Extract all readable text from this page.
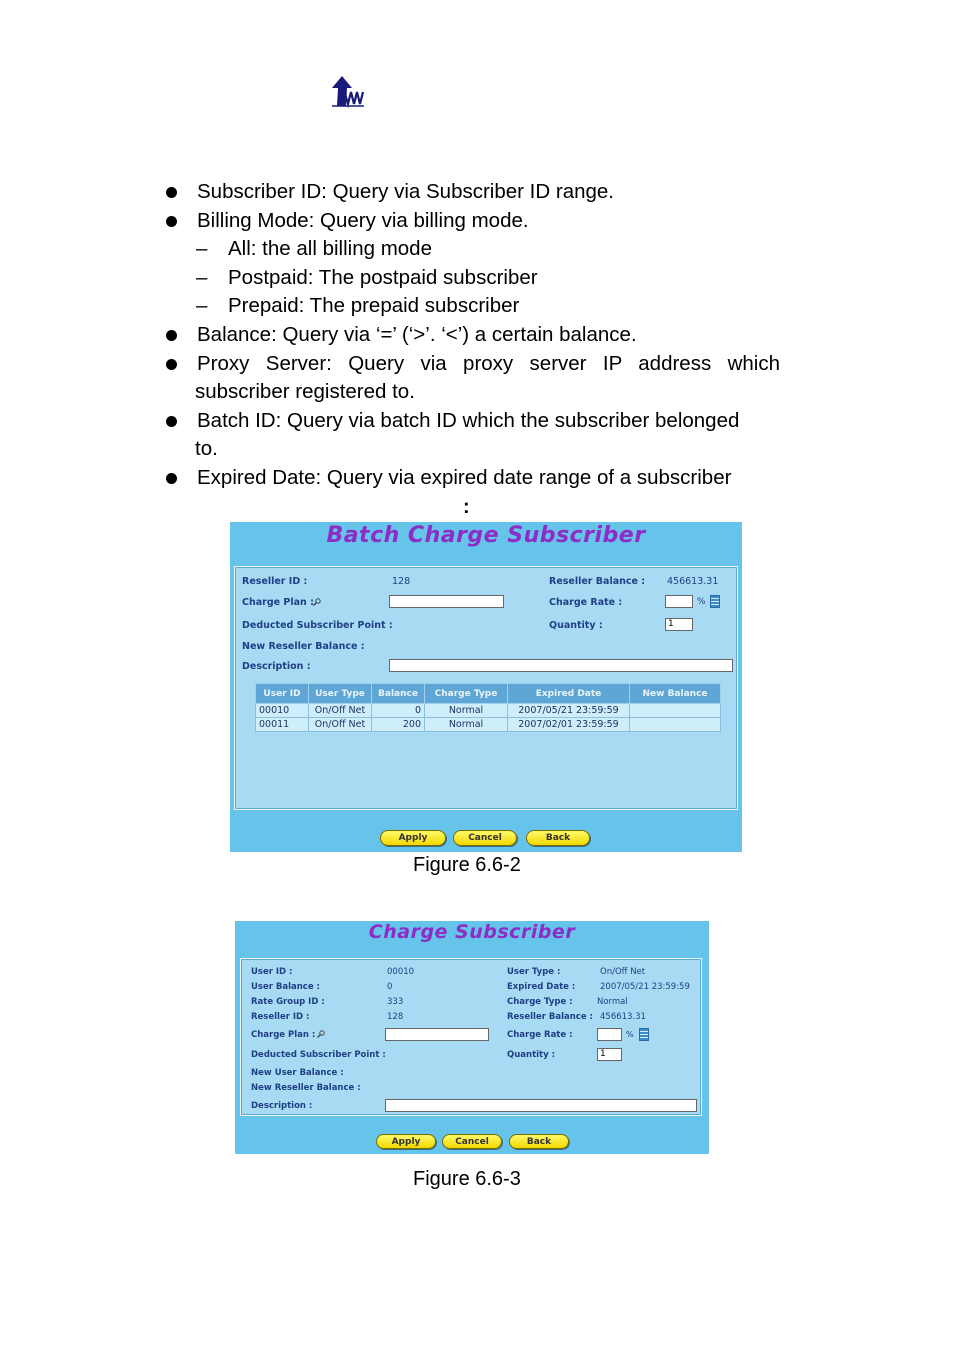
Subscriber ID: Query via Subscriber ID range.
Billing Mode: Query via billing mode.
– All: the all billing mode
– Postpaid: The postpaid subscriber
– Prepaid: The prepaid subscriber
Balance: Query via ‘=’ (‘>’. ‘<’) a certain balance.
Proxy Server: Query via proxy server IP address which
subscriber registered to.
Batch ID: Query via batch ID which the subscriber belonged
to.
Expired Date: Query via expired date range of a subscriber
:
Batch Charge Subscriber
Reseller ID :	128	Reseller Balance : 456613.31
Charge Plan :	Charge Rate :	%
Deducted Subscriber Point :	Quantity :	1
New Reseller Balance :
Description :
User ID	User Type	Balance	Charge Type	Expired Date	New Balance
00010	On/Off Net	0	Normal	2007/05/21 23:59:59	
00011	On/Off Net	200	Normal	2007/02/01 23:59:59	
Apply	Cancel	Back
Figure 6.6-2
Charge Subscriber
User ID :	00010	User Type :	On/Off Net
User Balance :	0	Expired Date :	2007/05/21 23:59:59
Rate Group ID :	333	Charge Type :	Normal
Reseller ID :	128	Reseller Balance : 456613.31
Charge Plan :	Charge Rate :	%
Deducted Subscriber Point :	Quantity :	1
New User Balance :
New Reseller Balance :
Description :
Apply	Cancel	Back
Figure 6.6-3
